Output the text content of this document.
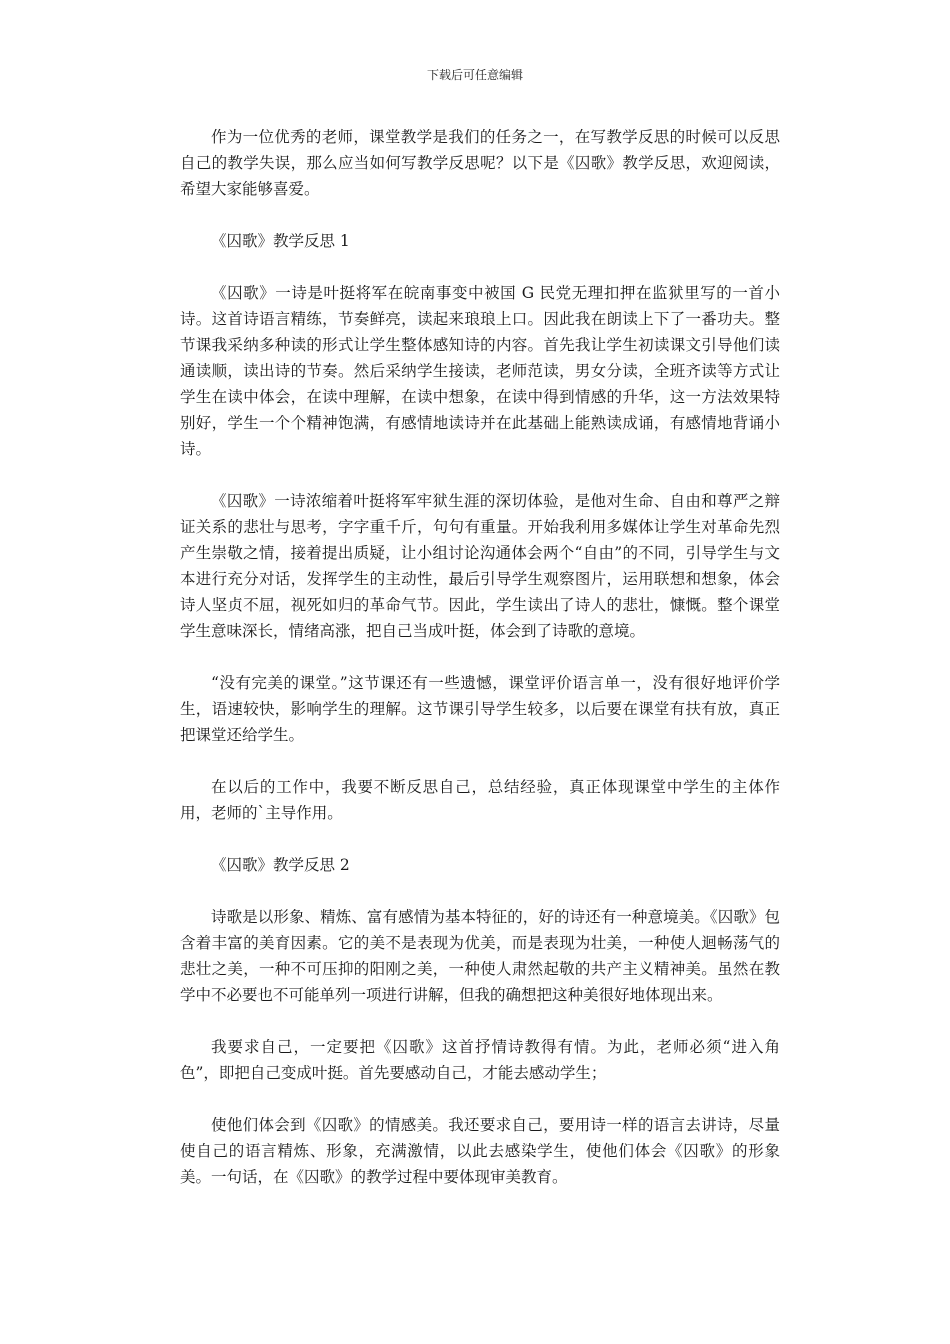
下载后可任意编辑

作为一位优秀的老师，课堂教学是我们的任务之一，在写教学反思的时候可以反思自己的教学失误，那么应当如何写教学反思呢？以下是《囚歌》教学反思，欢迎阅读，希望大家能够喜爱。

《囚歌》教学反思 1

《囚歌》一诗是叶挺将军在皖南事变中被国 G 民党无理扣押在监狱里写的一首小诗。这首诗语言精练，节奏鲜亮，读起来琅琅上口。因此我在朗读上下了一番功夫。整节课我采纳多种读的形式让学生整体感知诗的内容。首先我让学生初读课文引导他们读通读顺，读出诗的节奏。然后采纳学生接读，老师范读，男女分读，全班齐读等方式让学生在读中体会，在读中理解，在读中想象，在读中得到情感的升华，这一方法效果特别好，学生一个个精神饱满，有感情地读诗并在此基础上能熟读成诵，有感情地背诵小诗。

《囚歌》一诗浓缩着叶挺将军牢狱生涯的深切体验，是他对生命、自由和尊严之辩证关系的悲壮与思考，字字重千斤，句句有重量。开始我利用多媒体让学生对革命先烈产生崇敬之情，接着提出质疑，让小组讨论沟通体会两个“自由”的不同，引导学生与文本进行充分对话，发挥学生的主动性，最后引导学生观察图片，运用联想和想象，体会诗人坚贞不屈，视死如归的革命气节。因此，学生读出了诗人的悲壮，慷慨。整个课堂学生意味深长，情绪高涨，把自己当成叶挺，体会到了诗歌的意境。

“没有完美的课堂。”这节课还有一些遗憾，课堂评价语言单一，没有很好地评价学生，语速较快，影响学生的理解。这节课引导学生较多，以后要在课堂有扶有放，真正把课堂还给学生。

在以后的工作中，我要不断反思自己，总结经验，真正体现课堂中学生的主体作用，老师的`主导作用。

《囚歌》教学反思 2

诗歌是以形象、精炼、富有感情为基本特征的，好的诗还有一种意境美。《囚歌》包含着丰富的美育因素。它的美不是表现为优美，而是表现为壮美，一种使人迴畅荡气的悲壮之美，一种不可压抑的阳刚之美，一种使人肃然起敬的共产主义精神美。虽然在教学中不必要也不可能单列一项进行讲解，但我的确想把这种美很好地体现出来。

我要求自己，一定要把《囚歌》这首抒情诗教得有情。为此，老师必须“进入角色”，即把自己变成叶挺。首先要感动自己，才能去感动学生；

使他们体会到《囚歌》的情感美。我还要求自己，要用诗一样的语言去讲诗，尽量使自己的语言精炼、形象，充满激情，以此去感染学生，使他们体会《囚歌》的形象美。一句话，在《囚歌》的教学过程中要体现审美教育。
